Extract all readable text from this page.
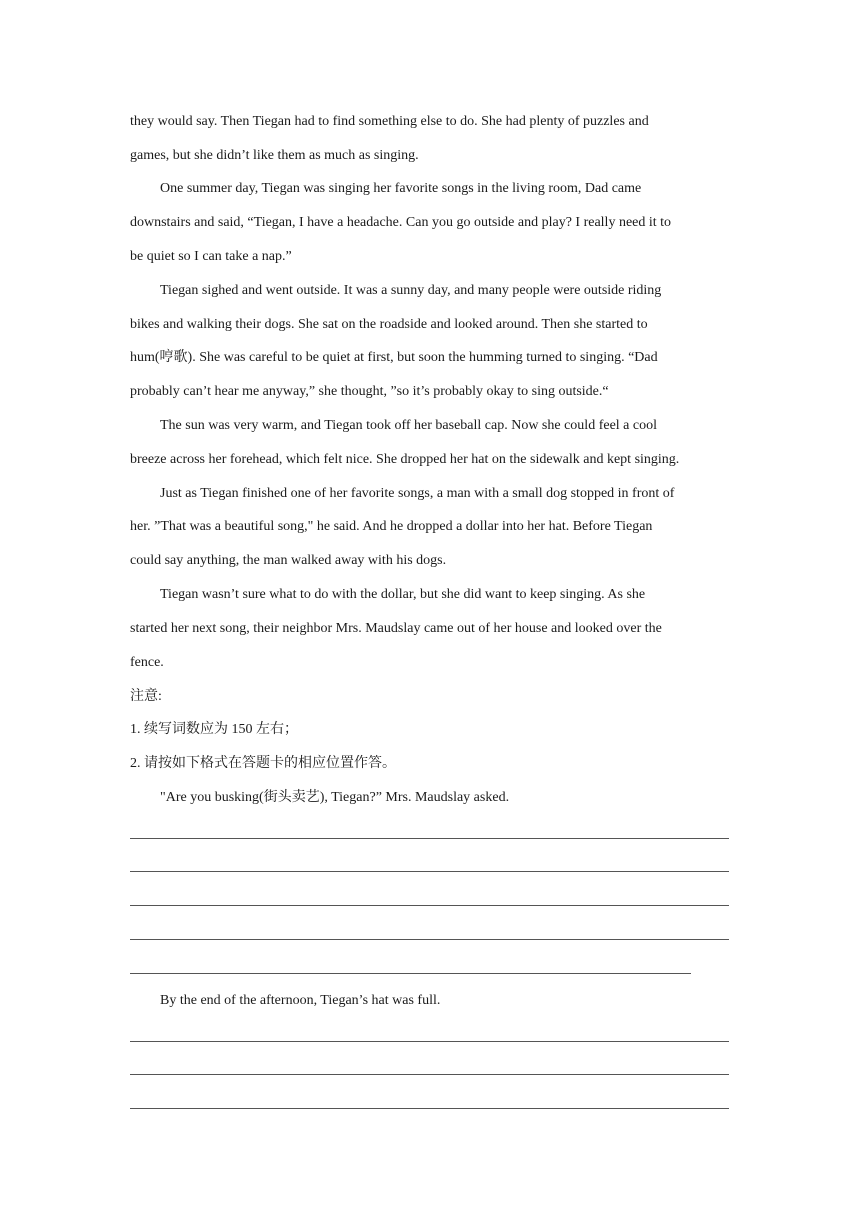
they would say. Then Tiegan had to find something else to do. She had plenty of puzzles and
games, but she didn’t like them as much as singing.
One summer day, Tiegan was singing her favorite songs in the living room, Dad came
downstairs and said, “Tiegan, I have a headache. Can you go outside and play? I really need it to
be quiet so I can take a nap.”
Tiegan sighed and went outside. It was a sunny day, and many people were outside riding
bikes and walking their dogs. She sat on the roadside and looked around. Then she started to
hum(哼歌). She was careful to be quiet at first, but soon the humming turned to singing. “Dad
probably can’t hear me anyway,” she thought, ”so it’s probably okay to sing outside.“
The sun was very warm, and Tiegan took off her baseball cap. Now she could feel a cool
breeze across her forehead, which felt nice. She dropped her hat on the sidewalk and kept singing.
Just as Tiegan finished one of her favorite songs, a man with a small dog stopped in front of
her. ”That was a beautiful song," he said. And he dropped a dollar into her hat. Before Tiegan
could say anything, the man walked away with his dogs.
Tiegan wasn’t sure what to do with the dollar, but she did want to keep singing. As she
started her next song, their neighbor Mrs. Maudslay came out of her house and looked over the
fence.
注意:
1. 续写词数应为 150 左右；
2. 请按如下格式在答题卡的相应位置作答。
"Are you busking(街头卖艺), Tiegan?” Mrs. Maudslay asked.
By the end of the afternoon, Tiegan’s hat was full.
